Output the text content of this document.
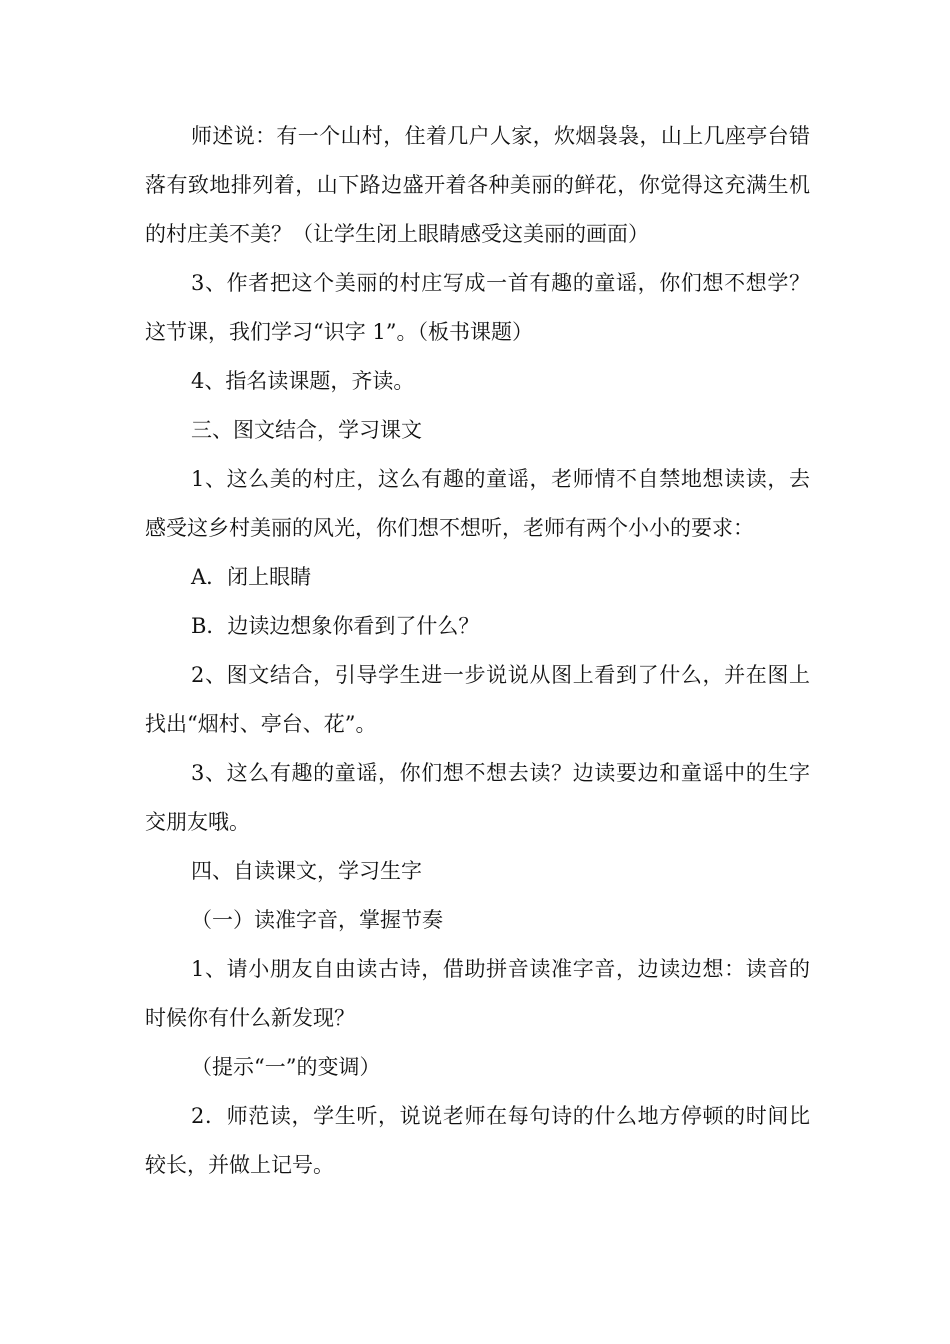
师述说：有一个山村，住着几户人家，炊烟袅袅，山上几座亭台错落有致地排列着，山下路边盛开着各种美丽的鲜花，你觉得这充满生机的村庄美不美？（让学生闭上眼睛感受这美丽的画面）

3、作者把这个美丽的村庄写成一首有趣的童谣，你们想不想学？这节课，我们学习“识字 1”。（板书课题）

4、指名读课题，齐读。

三、图文结合，学习课文

1、这么美的村庄，这么有趣的童谣，老师情不自禁地想读读，去感受这乡村美丽的风光，你们想不想听，老师有两个小小的要求：

A．闭上眼睛

B．边读边想象你看到了什么？

2、图文结合，引导学生进一步说说从图上看到了什么，并在图上找出“烟村、亭台、花”。

3、这么有趣的童谣，你们想不想去读？边读要边和童谣中的生字交朋友哦。

四、自读课文，学习生字

（一）读准字音，掌握节奏

1、请小朋友自由读古诗，借助拼音读准字音，边读边想：读音的时候你有什么新发现？

（提示“一”的变调）

2．师范读，学生听，说说老师在每句诗的什么地方停顿的时间比较长，并做上记号。
